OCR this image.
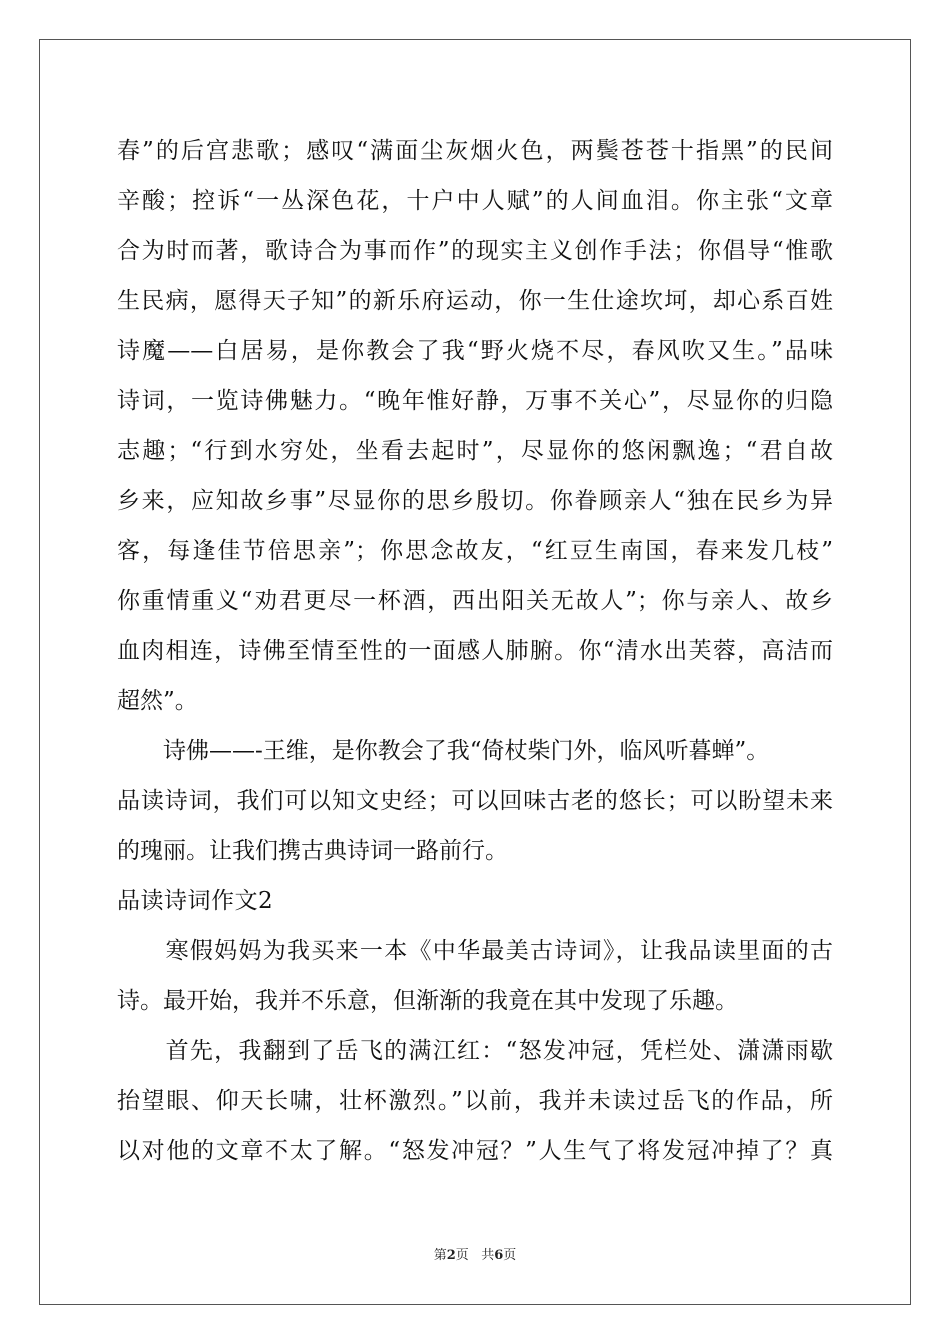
春”的后宫悲歌；感叹“满面尘灰烟火色，两鬓苍苍十指黑”的民间
辛酸；控诉“一丛深色花，十户中人赋”的人间血泪。你主张“文章
合为时而著，歌诗合为事而作”的现实主义创作手法；你倡导“惟歌
生民病，愿得天子知”的新乐府运动，你一生仕途坎坷，却心系百姓
诗魔——白居易，是你教会了我“野火烧不尽，春风吹又生。”品味
诗词，一览诗佛魅力。“晚年惟好静，万事不关心”，尽显你的归隐
志趣；“行到水穷处，坐看去起时”，尽显你的悠闲飘逸；“君自故
乡来，应知故乡事”尽显你的思乡殷切。你眷顾亲人“独在民乡为异
客，每逢佳节倍思亲”；你思念故友，“红豆生南国，春来发几枝”
你重情重义“劝君更尽一杯酒，西出阳关无故人”；你与亲人、故乡
血肉相连，诗佛至情至性的一面感人肺腑。你“清水出芙蓉，高洁而
超然”。
　　诗佛——-王维，是你教会了我“倚杖柴门外，临风听暮蝉”。
品读诗词，我们可以知文史经；可以回味古老的悠长；可以盼望未来
的瑰丽。让我们携古典诗词一路前行。
品读诗词作文2
　　寒假妈妈为我买来一本《中华最美古诗词》，让我品读里面的古
诗。最开始，我并不乐意，但渐渐的我竟在其中发现了乐趣。
　　首先，我翻到了岳飞的满江红：“怒发冲冠，凭栏处、潇潇雨歇
抬望眼、仰天长啸，壮杯激烈。”以前，我并未读过岳飞的作品，所
以对他的文章不太了解。“怒发冲冠？”人生气了将发冠冲掉了？真
第2页 共6页
